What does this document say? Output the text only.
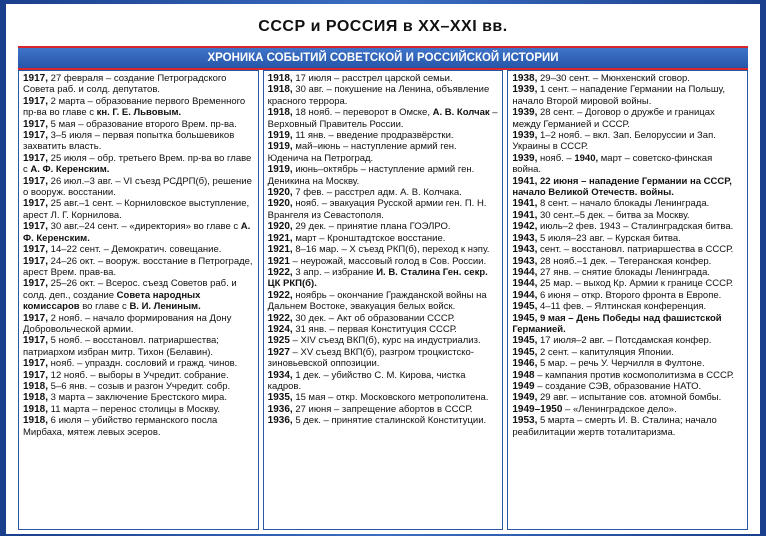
СССР и РОССИЯ в XX–XXI вв.
ХРОНИКА СОБЫТИЙ СОВЕТСКОЙ И РОССИЙСКОЙ ИСТОРИИ

1917, 27 февраля – создание Петроградского Совета раб. и солд. депутатов.

1917, 2 марта – образование первого Временного пр-ва во главе с кн. Г. Е. Львовым.

1917, 5 мая – образование второго Врем. пр-ва.

1917, 3–5 июля – первая попытка большевиков захватить власть.

1917, 25 июля – обр. третьего Врем. пр-ва во главе с А. Ф. Керенским.

1917, 26 июл.–3 авг. – VI съезд РСДРП(б), решение о вооруж. восстании.

1917, 25 авг.–1 сент. – Корниловское выступление, арест Л. Г. Корнилова.

1917, 30 авг.–24 сент. – «директория» во главе с А. Ф. Керенским.

1917, 14–22 сент. – Демократич. совещание.

1917, 24–26 окт. – вооруж. восстание в Петрограде, арест Врем. прав-ва.

1917, 25–26 окт. – Всерос. съезд Советов раб. и солд. деп., создание Совета народных комиссаров во главе с В. И. Лениным.

1917, 2 нояб. – начало формирования на Дону Добровольческой армии.

1917, 5 нояб. – восстановл. патриаршества; патриархом избран митр. Тихон (Белавин).

1917, нояб. – упраздн. сословий и гражд. чинов.

1917, 12 нояб. – выборы в Учредит. собрание.

1918, 5–6 янв. – созыв и разгон Учредит. собр.

1918, 3 марта – заключение Брестского мира.

1918, 11 марта – перенос столицы в Москву.

1918, 6 июля – убийство германского посла Мирбаха, мятеж левых эсеров.

1918, 17 июля – расстрел царской семьи.

1918, 30 авг. – покушение на Ленина, объявление красного террора.

1918, 18 нояб. – переворот в Омске, А. В. Колчак – Верховный Правитель России.

1919, 11 янв. – введение продразвёрстки.

1919, май–июнь – наступление армий ген. Юденича на Петроград.

1919, июнь–октябрь – наступление армий ген. Деникина на Москву.

1920, 7 фев. – расстрел адм. А. В. Колчака.

1920, нояб. – эвакуация Русской армии ген. П. Н. Врангеля из Севастополя.

1920, 29 дек. – принятие плана ГОЭЛРО.

1921, март – Кронштадтское восстание.

1921, 8–16 мар. – X съезд РКП(б), переход к нэпу.

1921 – неурожай, массовый голод в Сов. России.

1922, 3 апр. – избрание И. В. Сталина Ген. секр. ЦК РКП(б).

1922, ноябрь – окончание Гражданской войны на Дальнем Востоке, эвакуация белых войск.

1922, 30 дек. – Акт об образовании СССР.

1924, 31 янв. – первая Конституция СССР.

1925 – XIV съезд ВКП(б), курс на индустриализ.

1927 – XV съезд ВКП(б), разгром троцкистско-зиновьевской оппозиции.

1934, 1 дек. – убийство С. М. Кирова, чистка кадров.

1935, 15 мая – откр. Московского метрополитена.

1936, 27 июня – запрещение абортов в СССР.

1936, 5 дек. – принятие сталинской Конституции.

1938, 29–30 сент. – Мюнхенский сговор.

1939, 1 сент. – нападение Германии на Польшу, начало Второй мировой войны.

1939, 28 сент. – Договор о дружбе и границах между Германией и СССР.

1939, 1–2 нояб. – вкл. Зап. Белоруссии и Зап. Украины в СССР.

1939, нояб. – 1940, март – советско-финская война.

1941, 22 июня – нападение Германии на СССР, начало Великой Отечеств. войны.

1941, 8 сент. – начало блокады Ленинграда.

1941, 30 сент.–5 дек. – битва за Москву.

1942, июль–2 фев. 1943 – Сталинградская битва.

1943, 5 июля–23 авг. – Курская битва.

1943, сент. – восстановл. патриаршества в СССР.

1943, 28 нояб.–1 дек. – Тегеранская конфер.

1944, 27 янв. – снятие блокады Ленинграда.

1944, 25 мар. – выход Кр. Армии к границе СССР.

1944, 6 июня – откр. Второго фронта в Европе.

1945, 4–11 фев. – Ялтинская конференция.

1945, 9 мая – День Победы над фашистской Германией.

1945, 17 июля–2 авг. – Потсдамская конфер.

1945, 2 сент. – капитуляция Японии.

1946, 5 мар. – речь У. Черчилля в Фултоне.

1948 – кампания против космополитизма в СССР.

1949 – создание СЭВ, образование НАТО.

1949, 29 авг. – испытание сов. атомной бомбы.

1949–1950 – «Ленинградское дело».

1953, 5 марта – смерть И. В. Сталина; начало реабилитации жертв тоталитаризма.
